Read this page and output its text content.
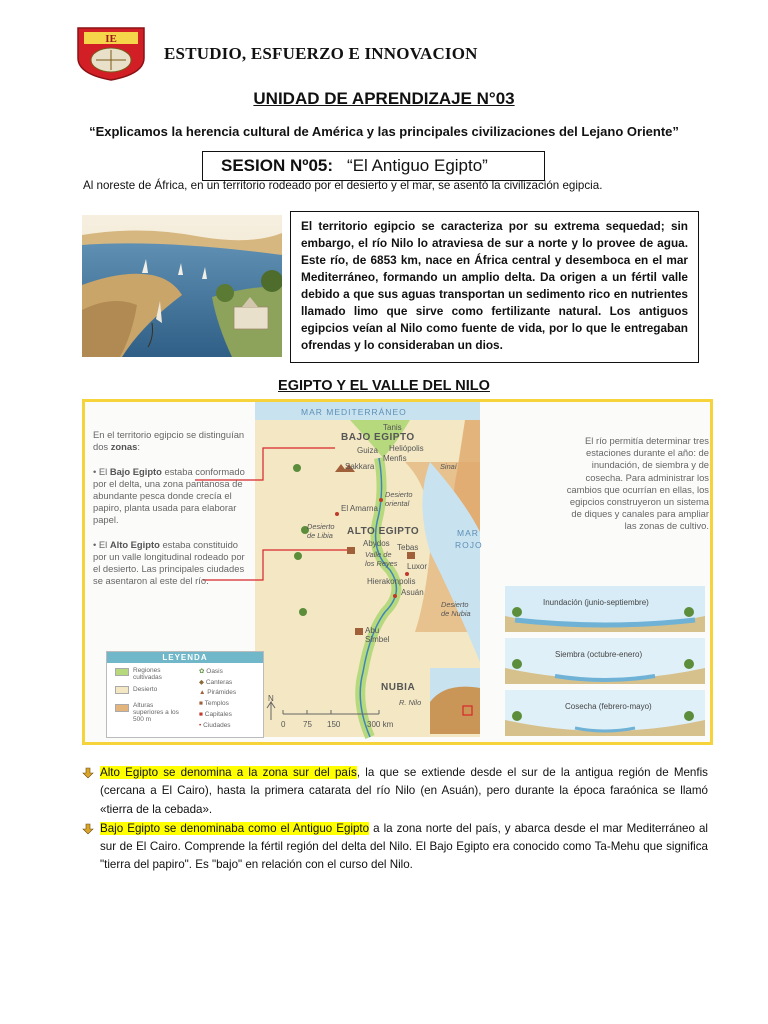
IE
ESTUDIO, ESFUERZO E INNOVACION
UNIDAD DE APRENDIZAJE N°03
“Explicamos la herencia cultural de América y las principales civilizaciones del Lejano Oriente”
SESION Nº05: “El Antiguo Egipto”
Al noreste de África, en un territorio rodeado por el desierto y el mar, se asentó la civilización egipcia.
El territorio egipcio se caracteriza por su extrema sequedad; sin embargo, el río Nilo lo atraviesa de sur a norte y lo provee de agua. Este río, de 6853 km, nace en África central y desemboca en el mar Mediterráneo, formando un amplio delta. Da origen a un fértil valle debido a que sus aguas transportan un sedimento rico en nutrientes llamado limo que sirve como fertilizante natural. Los antiguos egipcios veían al Nilo como fuente de vida, por lo que le entregaban ofrendas y lo consideraban un dios.
EGIPTO Y EL VALLE DEL NILO
En el territorio egipcio se distinguían dos zonas:

• El Bajo Egipto estaba conformado por el delta, una zona pantanosa de abundante pesca donde crecía el papiro, planta usada para elaborar papel.

• El Alto Egipto estaba constituido por un valle longitudinal rodeado por el desierto. Las principales ciudades se asentaron al este del río.
El río permitía determinar tres estaciones durante el año: de inundación, de siembra y de cosecha. Para administrar los cambios que ocurrían en ellas, los egipcios construyeron un sistema de diques y canales para ampliar las zonas de cultivo.
MAR MEDITERRÁNEO
BAJO EGIPTO
Tanis
Heliópolis
Guiza
Menfis
Sakkara	Sinaí
El Amarna
Desierto oriental
Desierto de Libia	ALTO EGIPTO
Abydos Tebas
Valle de los Reyes	Luxor
Hierakonpolis
Asuán
Desierto de Nubia
MAR
ROJO
Abu Simbel
NUBIA
R. Nilo
N
0 75 150	300 km
Inundación (junio-septiembre)
Siembra (octubre-enero)
Cosecha (febrero-mayo)
LEYENDA
Regiones cultivadas
Desierto
Alturas superiores a los 500 m
✿ Oasis
◆ Canteras
▲ Pirámides
■ Templos
■ Capitales
• Ciudades
Alto Egipto se denomina a la zona sur del país, la que se extiende desde el sur de la antigua región de Menfis (cercana a El Cairo), hasta la primera catarata del río Nilo (en Asuán), pero durante la época faraónica se llamó «tierra de la cebada».
Bajo Egipto se denominaba como el Antiguo Egipto a la zona norte del país, y abarca desde el mar Mediterráneo al sur de El Cairo. Comprende la fértil región del delta del Nilo. El Bajo Egipto era conocido como Ta-Mehu que significa "tierra del papiro". Es "bajo" en relación con el curso del Nilo.
